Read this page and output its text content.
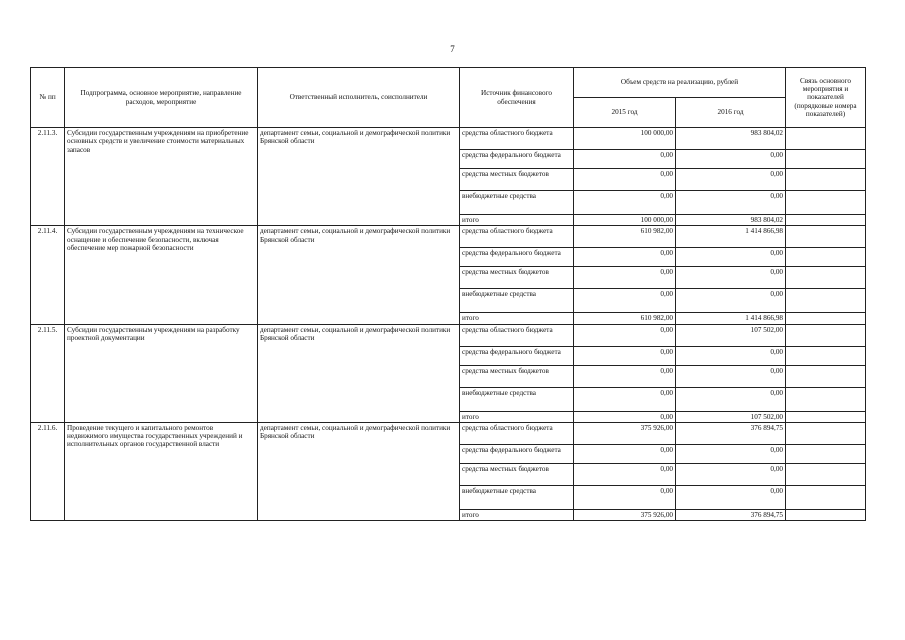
7
№ пп	Подпрограмма, основное мероприятие, направление расходов, мероприятие	Ответственный исполнитель, соисполнители	Источник финансового обеспечения	Объем средств на реализацию, рублей		Связь основного мероприятия и показателей (порядковые номера показателей)
				2015 год	2016 год	
2.11.3.	Субсидии государственным учреждениям на приобретение основных средств и увеличение стоимости материальных запасов	департамент семьи, социальной и демографической политики Брянской области	средства областного бюджета	100 000,00	983 804,02	
			средства федерального бюджета	0,00	0,00	
			средства местных бюджетов	0,00	0,00	
			внебюджетные средства	0,00	0,00	
			итого	100 000,00	983 804,02	
2.11.4.	Субсидии государственным учреждениям на техническое оснащение и обеспечение безопасности, включая обеспечение мер пожарной безопасности	департамент семьи, социальной и демографической политики Брянской области	средства областного бюджета	610 982,00	1 414 866,98	
			средства федерального бюджета	0,00	0,00	
			средства местных бюджетов	0,00	0,00	
			внебюджетные средства	0,00	0,00	
			итого	610 982,00	1 414 866,98	
2.11.5.	Субсидии государственным учреждениям на разработку проектной документации	департамент семьи, социальной и демографической политики Брянской области	средства областного бюджета	0,00	107 502,00	
			средства федерального бюджета	0,00	0,00	
			средства местных бюджетов	0,00	0,00	
			внебюджетные средства	0,00	0,00	
			итого	0,00	107 502,00	
2.11.6.	Проведение текущего и капитального ремонтов недвижимого имущества государственных учреждений и исполнительных органов государственной власти	департамент семьи, социальной и демографической политики Брянской области	средства областного бюджета	375 926,00	376 894,75	
			средства федерального бюджета	0,00	0,00	
			средства местных бюджетов	0,00	0,00	
			внебюджетные средства	0,00	0,00	
			итого	375 926,00	376 894,75	
